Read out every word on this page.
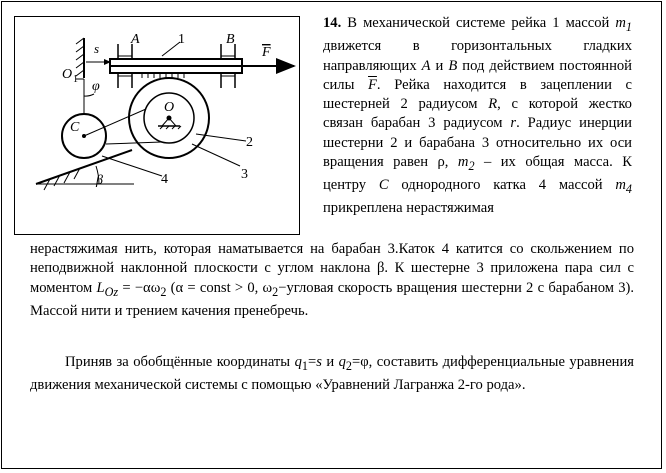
A	B
1
F
s
O 1 φ
C
O
2
3
4
β

14. В механической системе рейка 1 массой $m_1$ движется в горизонтальных гладких направляющих A и B под действием постоянной силы $\overline{F}$. Рейка находится в зацеплении с шестерней 2 радиусом R, с которой жестко связан барабан 3 радиусом r. Радиус инерции шестерни 2 и барабана 3 относительно их оси вращения равен ρ, $m_2$ – их общая масса. К центру C однородного катка 4 массой $m_4$ прикреплена нерастяжимая

нерастяжимая нить, которая наматывается на барабан 3.Каток 4 катится со скольжением по неподвижной наклонной плоскости с углом наклона β. К шестерне 3 приложена пара сил с моментом $L_{Oz} = -\alpha\omega_2$ (α = const > 0, $\omega_2-угловая$ скорость вращения шестерни 2 с барабаном 3). Массой нити и трением качения пренебречь.

Приняв за обобщённые координаты $q_1=s$ и $q_2=\varphi$, составить дифференциальные уравнения движения механической системы с помощью «Уравнений Лагранжа 2-го рода».
